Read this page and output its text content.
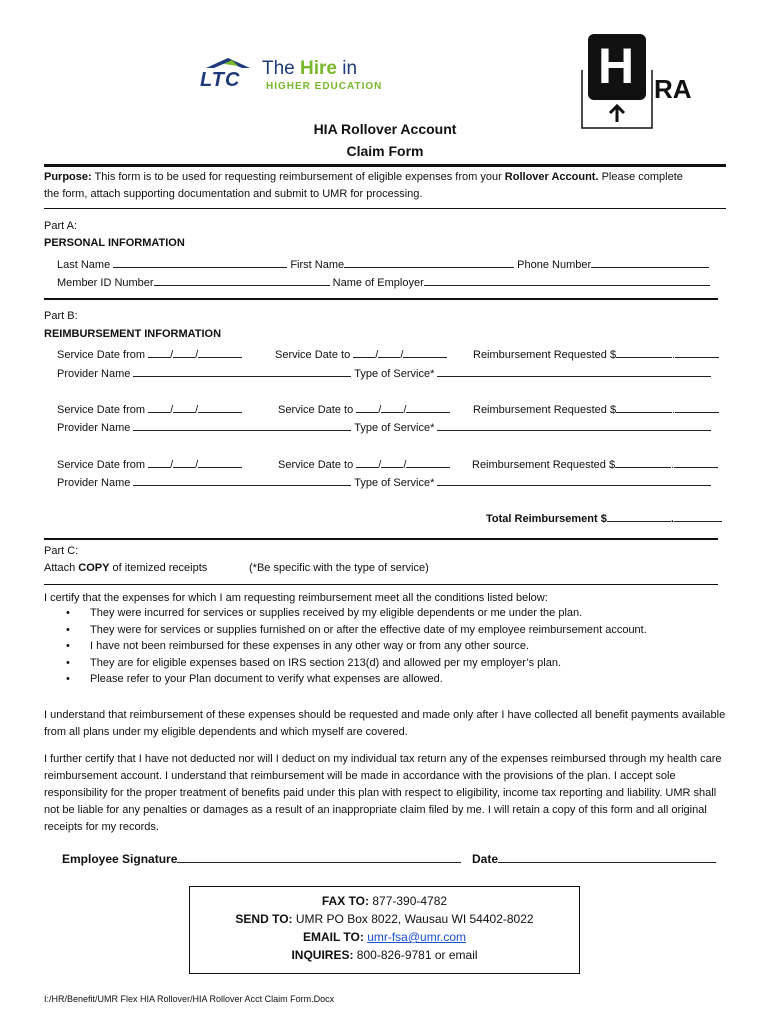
LTC
The Hire in
HIGHER EDUCATION	H RA
HIA Rollover Account
Claim Form
Purpose: This form is to be used for requesting reimbursement of eligible expenses from your Rollover Account. Please complete
the form, attach supporting documentation and submit to UMR for processing.
Part A:
PERSONAL INFORMATION
Last Name	First Name	Phone Number
Member ID Number	Name of Employer
Part B:
REIMBURSEMENT INFORMATION
Service Date from / /	Service Date to / /	Reimbursement Requested $	.
Provider Name	Type of Service*
Service Date from / /	Service Date to / /	Reimbursement Requested $	.
Provider Name	Type of Service*
Service Date from / /	Service Date to / /	Reimbursement Requested $	.
Provider Name	Type of Service*
Total Reimbursement $	.
Part C:
Attach COPY of itemized receipts	(*Be specific with the type of service)
I certify that the expenses for which I am requesting reimbursement meet all the conditions listed below:
• They were incurred for services or supplies received by my eligible dependents or me under the plan.
• They were for services or supplies furnished on or after the effective date of my employee reimbursement account.
• I have not been reimbursed for these expenses in any other way or from any other source.
• They are for eligible expenses based on IRS section 213(d) and allowed per my employer’s plan.
• Please refer to your Plan document to verify what expenses are allowed.
I understand that reimbursement of these expenses should be requested and made only after I have collected all benefit payments available from all plans under my eligible dependents and which myself are covered.
I further certify that I have not deducted nor will I deduct on my individual tax return any of the expenses reimbursed through my health care reimbursement account. I understand that reimbursement will be made in accordance with the provisions of the plan. I accept sole responsibility for the proper treatment of benefits paid under this plan with respect to eligibility, income tax reporting and liability. UMR shall not be liable for any penalties or damages as a result of an inappropriate claim filed by me. I will retain a copy of this form and all original receipts for my records.
Employee Signature	Date
FAX TO: 877-390-4782
SEND TO: UMR PO Box 8022, Wausau WI 54402-8022
EMAIL TO: umr-fsa@umr.com
INQUIRES: 800-826-9781 or email
I:/HR/Benefit/UMR Flex HIA Rollover/HIA Rollover Acct Claim Form.Docx
